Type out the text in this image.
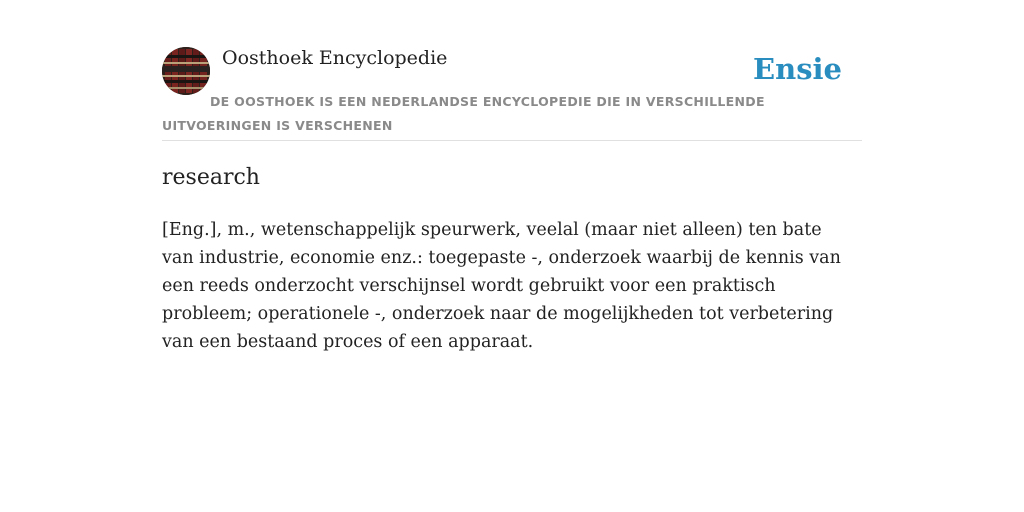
Oosthoek Encyclopedie	Ensie
DE OOSTHOEK IS EEN NEDERLANDSE ENCYCLOPEDIE DIE IN VERSCHILLENDE UITVOERINGEN IS VERSCHENEN
research
[Eng.], m., wetenschappelijk speurwerk, veelal (maar niet alleen) ten bate van industrie, economie enz.: toegepaste -, onderzoek waarbij de kennis van een reeds onderzocht verschijnsel wordt gebruikt voor een praktisch probleem; operationele -, onderzoek naar de mogelijkheden tot verbetering van een bestaand proces of een apparaat.
